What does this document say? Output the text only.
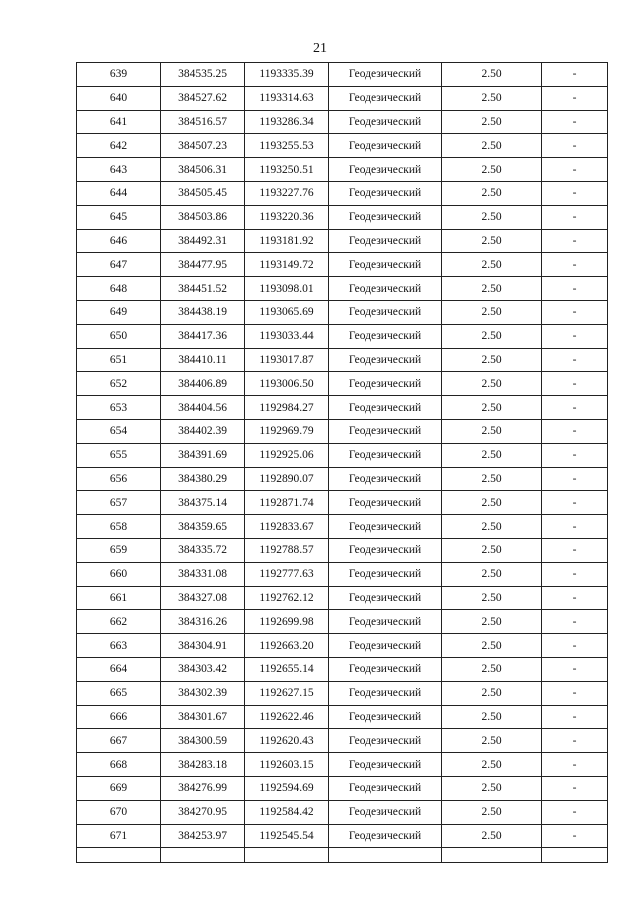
21
639	384535.25	1193335.39	Геодезический	2.50	-
640	384527.62	1193314.63	Геодезический	2.50	-
641	384516.57	1193286.34	Геодезический	2.50	-
642	384507.23	1193255.53	Геодезический	2.50	-
643	384506.31	1193250.51	Геодезический	2.50	-
644	384505.45	1193227.76	Геодезический	2.50	-
645	384503.86	1193220.36	Геодезический	2.50	-
646	384492.31	1193181.92	Геодезический	2.50	-
647	384477.95	1193149.72	Геодезический	2.50	-
648	384451.52	1193098.01	Геодезический	2.50	-
649	384438.19	1193065.69	Геодезический	2.50	-
650	384417.36	1193033.44	Геодезический	2.50	-
651	384410.11	1193017.87	Геодезический	2.50	-
652	384406.89	1193006.50	Геодезический	2.50	-
653	384404.56	1192984.27	Геодезический	2.50	-
654	384402.39	1192969.79	Геодезический	2.50	-
655	384391.69	1192925.06	Геодезический	2.50	-
656	384380.29	1192890.07	Геодезический	2.50	-
657	384375.14	1192871.74	Геодезический	2.50	-
658	384359.65	1192833.67	Геодезический	2.50	-
659	384335.72	1192788.57	Геодезический	2.50	-
660	384331.08	1192777.63	Геодезический	2.50	-
661	384327.08	1192762.12	Геодезический	2.50	-
662	384316.26	1192699.98	Геодезический	2.50	-
663	384304.91	1192663.20	Геодезический	2.50	-
664	384303.42	1192655.14	Геодезический	2.50	-
665	384302.39	1192627.15	Геодезический	2.50	-
666	384301.67	1192622.46	Геодезический	2.50	-
667	384300.59	1192620.43	Геодезический	2.50	-
668	384283.18	1192603.15	Геодезический	2.50	-
669	384276.99	1192594.69	Геодезический	2.50	-
670	384270.95	1192584.42	Геодезический	2.50	-
671	384253.97	1192545.54	Геодезический	2.50	-
